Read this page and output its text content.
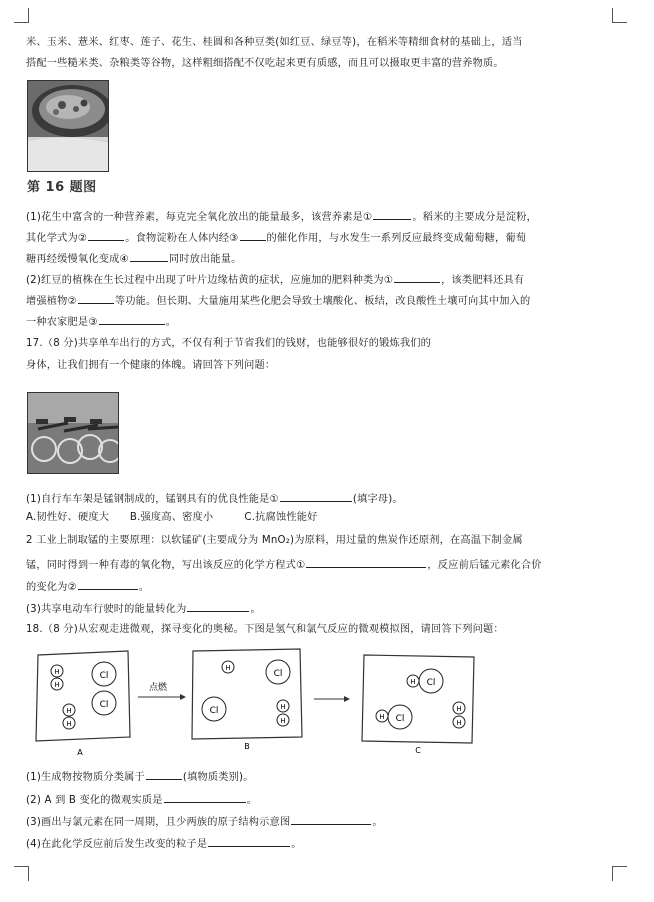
米、玉米、薏米、红枣、莲子、花生、桂圆和各种豆类(如红豆、绿豆等)，在稻米等精细食材的基础上，适当
搭配一些糙米类、杂粮类等谷物，这样粗细搭配不仅吃起来更有质感，而且可以摄取更丰富的营养物质。
第 16 题图
(1)花生中富含的一种营养素，每克完全氧化放出的能量最多，该营养素是①	。稻米的主要成分是淀粉，
其化学式为②	。食物淀粉在人体内经③	的催化作用，与水发生一系列反应最终变成葡萄糖，葡萄
糖再经缓慢氧化变成④	同时放出能量。
(2)红豆的植株在生长过程中出现了叶片边缘枯黄的症状，应施加的肥料种类为①	，该类肥料还具有
增强植物②	等功能。但长期、大量施用某些化肥会导致土壤酸化、板结，改良酸性土壤可向其中加入的
一种农家肥是③	。
17.（8 分)共享单车出行的方式，不仅有利于节省我们的钱财，也能够很好的锻炼我们的
身体，让我们拥有一个健康的体魄。请回答下列问题：
(1)自行车车架是锰钢制成的，锰钢具有的优良性能是①	(填字母)。
A.韧性好、硬度大　　B.强度高、密度小　　　C.抗腐蚀性能好
2 工业上制取锰的主要原理：以软锰矿(主要成分为 MnO₂)为原料，用过量的焦炭作还原剂，在高温下制金属
锰，同时得到一种有毒的氧化物，写出该反应的化学方程式①	，反应前后锰元素化合价
的变化为②	。
(3)共享电动车行驶时的能量转化为	。
18.（8 分)从宏观走进微观，探寻变化的奥秘。下图是氢气和氯气反应的微观模拟图，请回答下列问题：
H
H
H
H
Cl
Cl
A
点燃
H
Cl
Cl	H
H
B
H Cl
H Cl
H
H
C
(1)生成物按物质分类属于	(填物质类别)。
(2) A 到 B 变化的微观实质是	。
(3)画出与氯元素在同一周期，且少两族的原子结构示意图	。
(4)在此化学反应前后发生改变的粒子是	。
